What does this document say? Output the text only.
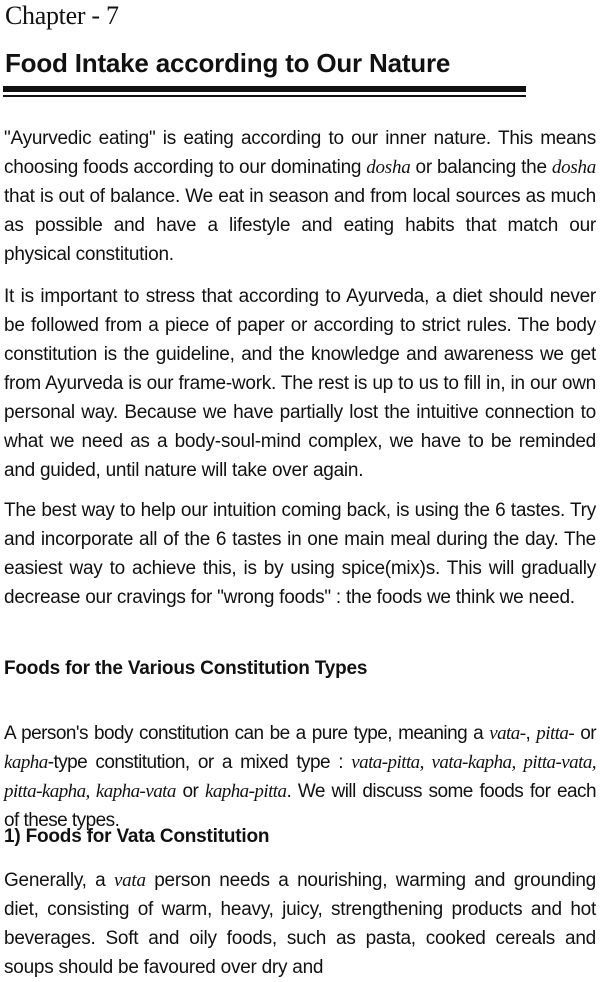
Chapter - 7
Food Intake according to Our Nature

"Ayurvedic eating" is eating according to our inner nature. This means choosing foods according to our dominating dosha or balancing the dosha that is out of balance. We eat in season and from local sources as much as possible and have a lifestyle and eating habits that match our physical constitution.

It is important to stress that according to Ayurveda, a diet should never be followed from a piece of paper or according to strict rules. The body constitution is the guideline, and the knowledge and awareness we get from Ayurveda is our frame-work. The rest is up to us to fill in, in our own personal way. Because we have partially lost the intuitive connection to what we need as a body-soul-mind complex, we have to be reminded and guided, until nature will take over again.

The best way to help our intuition coming back, is using the 6 tastes. Try and incorporate all of the 6 tastes in one main meal during the day. The easiest way to achieve this, is by using spice(mix)s. This will gradually decrease our cravings for "wrong foods" : the foods we think we need.

Foods for the Various Constitution Types

A person's body constitution can be a pure type, meaning a vata-, pitta- or kapha-type constitution, or a mixed type : vata-pitta, vata-kapha, pitta-vata, pitta-kapha, kapha-vata or kapha-pitta. We will discuss some foods for each of these types.

1) Foods for Vata Constitution

Generally, a vata person needs a nourishing, warming and grounding diet, consisting of warm, heavy, juicy, strengthening products and hot beverages. Soft and oily foods, such as pasta, cooked cereals and soups should be favoured over dry and
